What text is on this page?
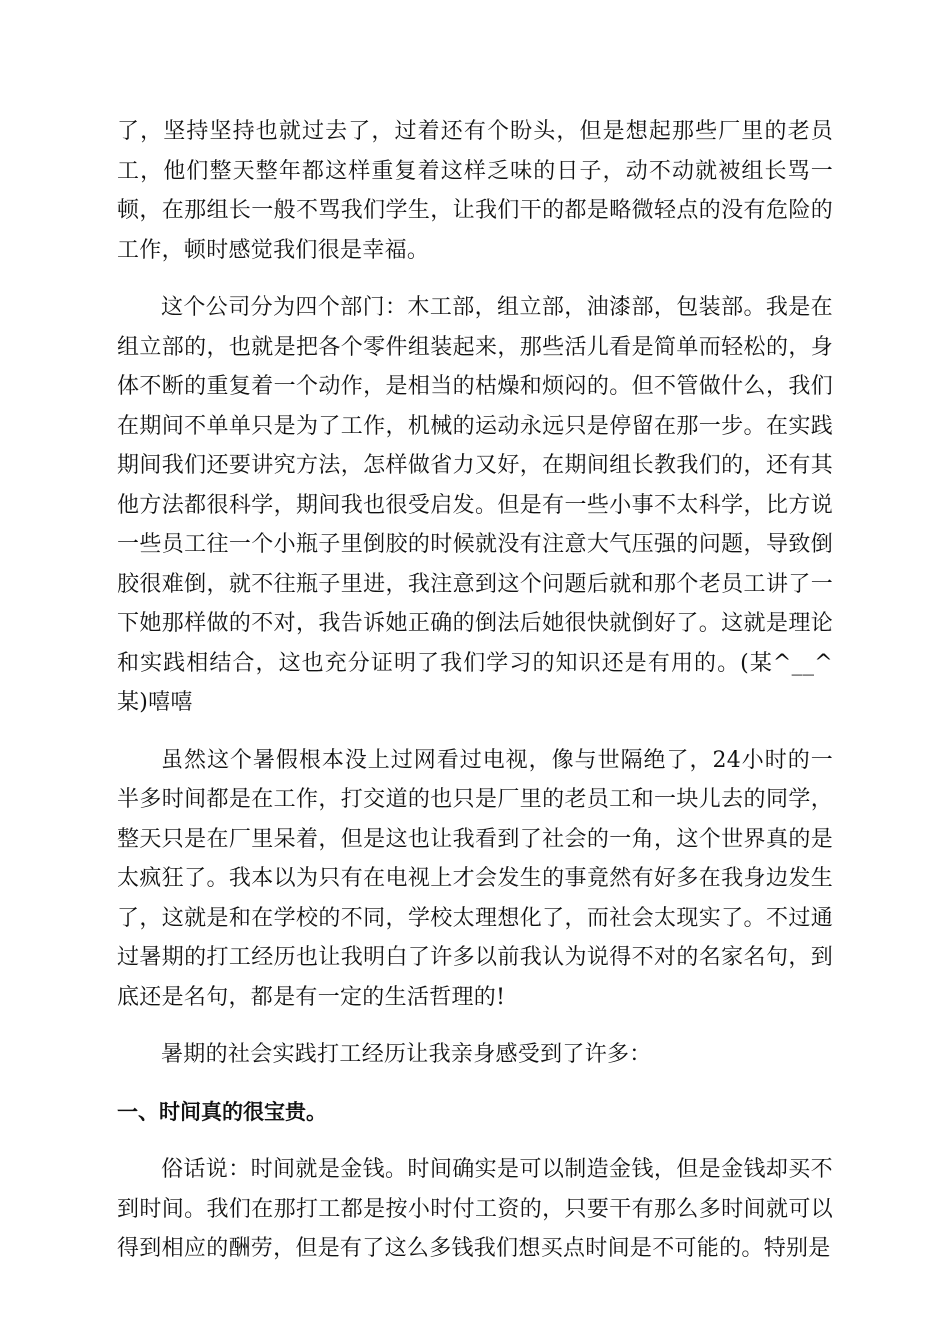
了，坚持坚持也就过去了，过着还有个盼头，但是想起那些厂里的老员工，他们整天整年都这样重复着这样乏味的日子，动不动就被组长骂一顿，在那组长一般不骂我们学生，让我们干的都是略微轻点的没有危险的工作，顿时感觉我们很是幸福。

这个公司分为四个部门：木工部，组立部，油漆部，包装部。我是在组立部的，也就是把各个零件组装起来，那些活儿看是简单而轻松的，身体不断的重复着一个动作，是相当的枯燥和烦闷的。但不管做什么，我们在期间不单单只是为了工作，机械的运动永远只是停留在那一步。在实践期间我们还要讲究方法，怎样做省力又好，在期间组长教我们的，还有其他方法都很科学，期间我也很受启发。但是有一些小事不太科学，比方说一些员工往一个小瓶子里倒胶的时候就没有注意大气压强的问题，导致倒胶很难倒，就不往瓶子里进，我注意到这个问题后就和那个老员工讲了一下她那样做的不对，我告诉她正确的倒法后她很快就倒好了。这就是理论和实践相结合，这也充分证明了我们学习的知识还是有用的。(某^__^某)嘻嘻

虽然这个暑假根本没上过网看过电视，像与世隔绝了，24小时的一半多时间都是在工作，打交道的也只是厂里的老员工和一块儿去的同学，整天只是在厂里呆着，但是这也让我看到了社会的一角，这个世界真的是太疯狂了。我本以为只有在电视上才会发生的事竟然有好多在我身边发生了，这就是和在学校的不同，学校太理想化了，而社会太现实了。不过通过暑期的打工经历也让我明白了许多以前我认为说得不对的名家名句，到底还是名句，都是有一定的生活哲理的!

暑期的社会实践打工经历让我亲身感受到了许多：

一、时间真的很宝贵。

俗话说：时间就是金钱。时间确实是可以制造金钱，但是金钱却买不到时间。我们在那打工都是按小时付工资的，只要干有那么多时间就可以得到相应的酬劳，但是有了这么多钱我们想买点时间是不可能的。特别是
